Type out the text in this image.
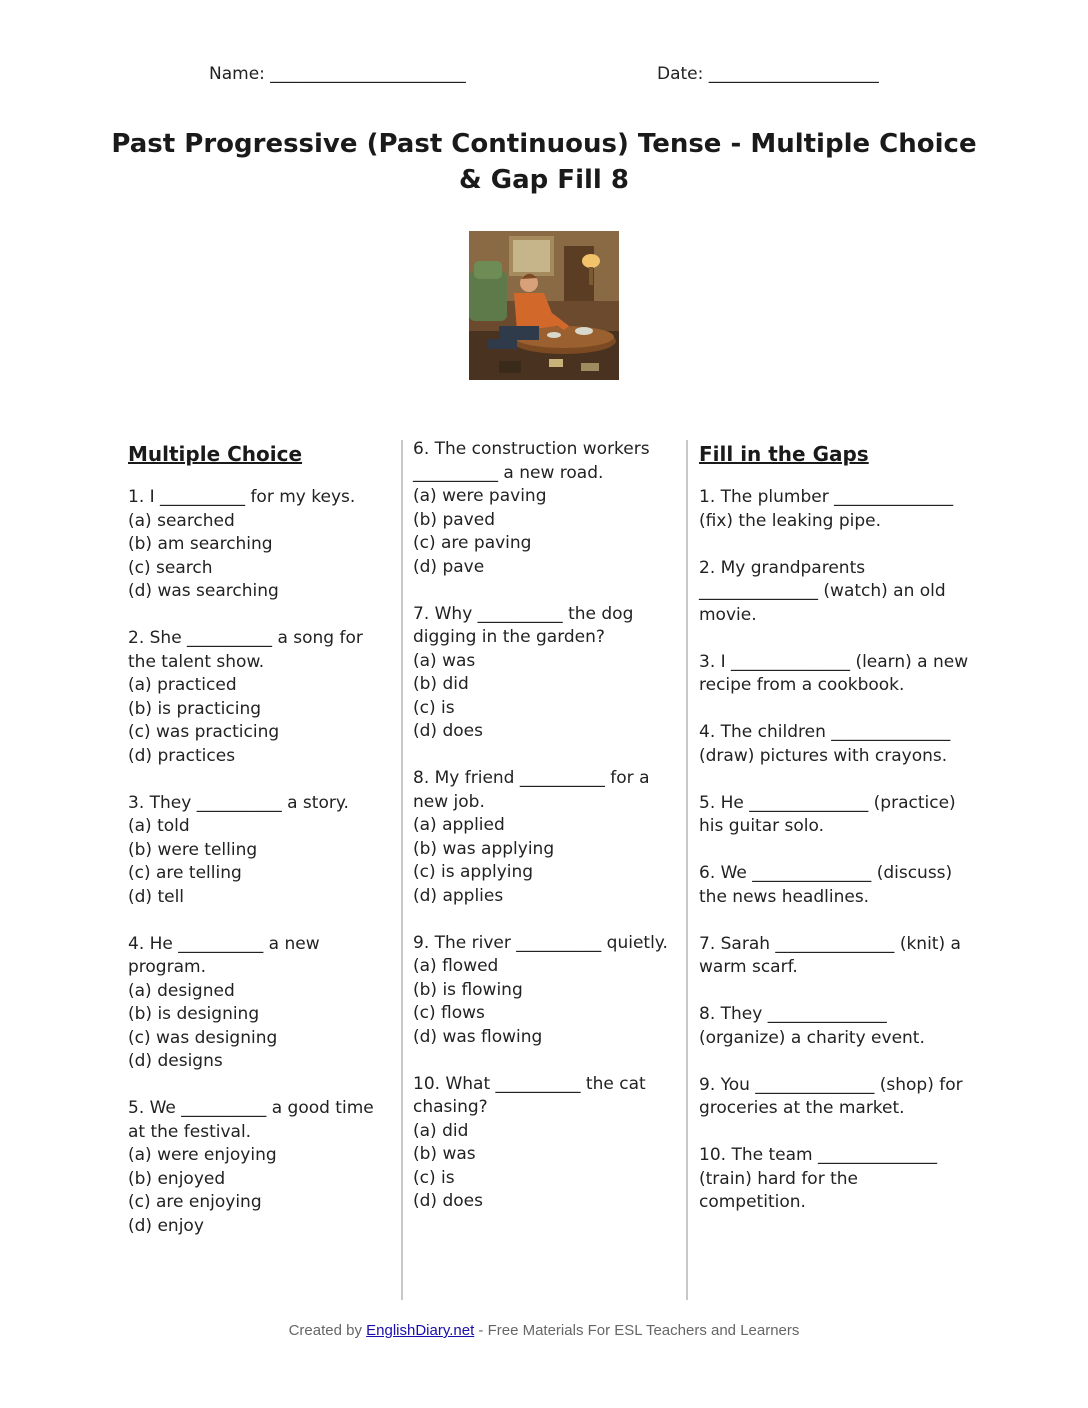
Name: _______________________	Date: ____________________
Past Progressive (Past Continuous) Tense - Multiple Choice & Gap Fill 8
Multiple Choice

1. I __________ for my keys.

(a) searched

(b) am searching

(c) search

(d) was searching

2. She __________ a song for the talent show.

(a) practiced

(b) is practicing

(c) was practicing

(d) practices

3. They __________ a story.

(a) told

(b) were telling

(c) are telling

(d) tell

4. He __________ a new program.

(a) designed

(b) is designing

(c) was designing

(d) designs

5. We __________ a good time at the festival.

(a) were enjoying

(b) enjoyed

(c) are enjoying

(d) enjoy

6. The construction workers __________ a new road.

(a) were paving

(b) paved

(c) are paving

(d) pave

7. Why __________ the dog digging in the garden?

(a) was

(b) did

(c) is

(d) does

8. My friend __________ for a new job.

(a) applied

(b) was applying

(c) is applying

(d) applies

9. The river __________ quietly.

(a) flowed

(b) is flowing

(c) flows

(d) was flowing

10. What __________ the cat chasing?

(a) did

(b) was

(c) is

(d) does

Fill in the Gaps

1. The plumber ______________ (fix) the leaking pipe.

2. My grandparents ______________ (watch) an old movie.

3. I ______________ (learn) a new recipe from a cookbook.

4. The children ______________ (draw) pictures with crayons.

5. He ______________ (practice) his guitar solo.

6. We ______________ (discuss) the news headlines.

7. Sarah ______________ (knit) a warm scarf.

8. They ______________ (organize) a charity event.

9. You ______________ (shop) for groceries at the market.

10. The team ______________ (train) hard for the competition.

Created by EnglishDiary.net - Free Materials For ESL Teachers and Learners
